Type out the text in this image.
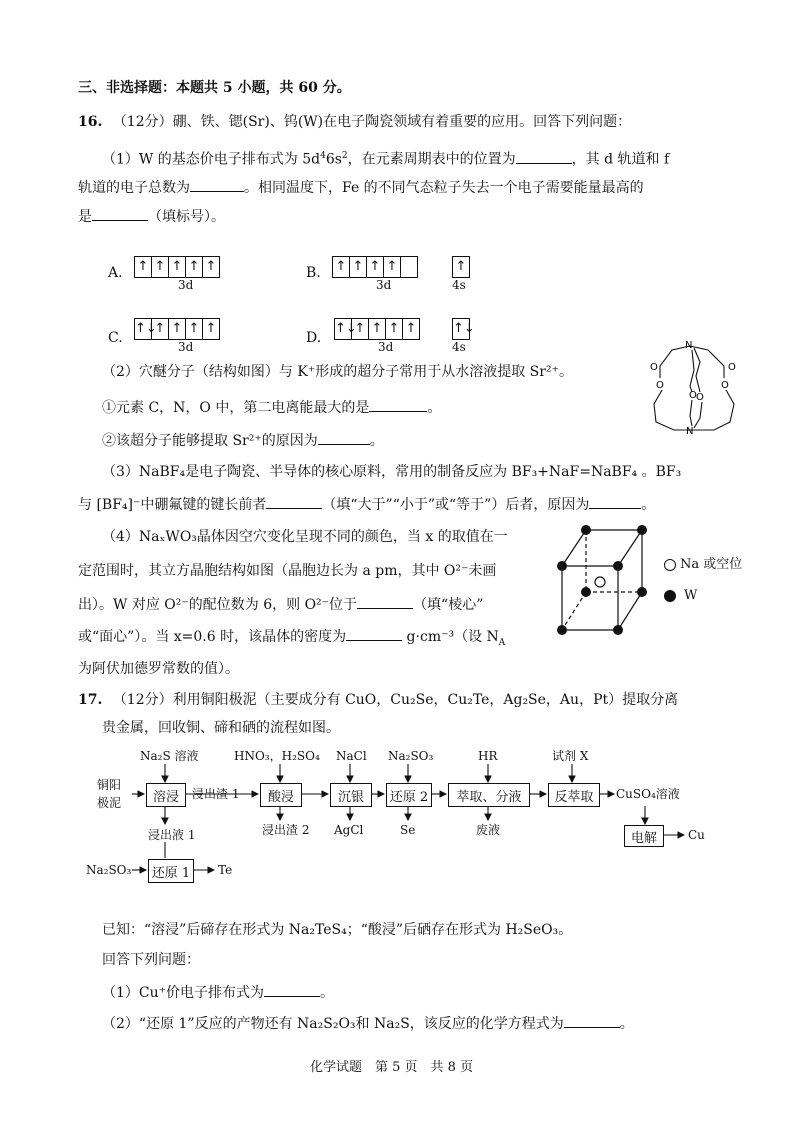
三、非选择题：本题共 5 小题，共 60 分。
16. （12分）硼、铁、锶(Sr)、钨(W)在电子陶瓷领域有着重要的应用。回答下列问题：
（1）W 的基态价电子排布式为 $5d^46s^2$，在元素周期表中的位置为	，其 d 轨道和 f
轨道的电子总数为	。相同温度下，Fe 的不同气态粒子失去一个电子需要能量最高的
是	（填标号）。
A. ↑ ↑ ↑ ↑ ↑
3d
B. ↑ ↑ ↑ ↑	↑
3d	4s
C.
↑↓
↑ ↑ ↑ ↑
3d
D.
↑↓
↑ ↑ ↑ ↑	↑↓
3d	4s
（2）穴醚分子（结构如图）与 K⁺形成的超分子常用于从水溶液提取 Sr²⁺。
①元素 C，N，O 中，第二电离能最大的是	。
②该超分子能够提取 Sr²⁺的原因为	。
N
N
O	O
O O
O	O
（3）NaBF₄是电子陶瓷、半导体的核心原料，常用的制备反应为 BF₃+NaF=NaBF₄ 。BF₃
与 [BF₄]⁻中硼氟键的键长前者	（填“大于”“小于”或“等于”）后者，原因为	。
（4）NaₓWO₃晶体因空穴变化呈现不同的颜色，当 x 的取值在一
定范围时，其立方晶胞结构如图（晶胞边长为 a pm，其中 O²⁻未画
出）。W 对应 O²⁻的配位数为 6，则 O²⁻位于	（填“棱心”
或“面心”）。当 x=0.6 时，该晶体的密度为	g·cm⁻³（设 $N_A$
为阿伏加德罗常数的值）。
Na 或空位
W
17. （12分）利用铜阳极泥（主要成分有 CuO，Cu₂Se，Cu₂Te，Ag₂Se，Au，Pt）提取分离
贵金属，回收铜、碲和硒的流程如图。
铜阳
极泥	溶浸	酸浸	沉银	还原 2	萃取、分液	反萃取
电解
还原 1
Na₂S 溶液	HNO₃，H₂SO₄ NaCl Na₂SO₃	HR	试剂 X
浸出渣 1
浸出渣 2 AgCl	Se	废液
CuSO₄溶液
Cu
浸出液 1
Na₂SO₃	Te
已知：“溶浸”后碲存在形式为 Na₂TeS₄；“酸浸”后硒存在形式为 H₂SeO₃。
回答下列问题：
（1）Cu⁺价电子排布式为	。
（2）“还原 1”反应的产物还有 Na₂S₂O₃和 Na₂S，该反应的化学方程式为	。
化学试题　第 5 页　共 8 页
